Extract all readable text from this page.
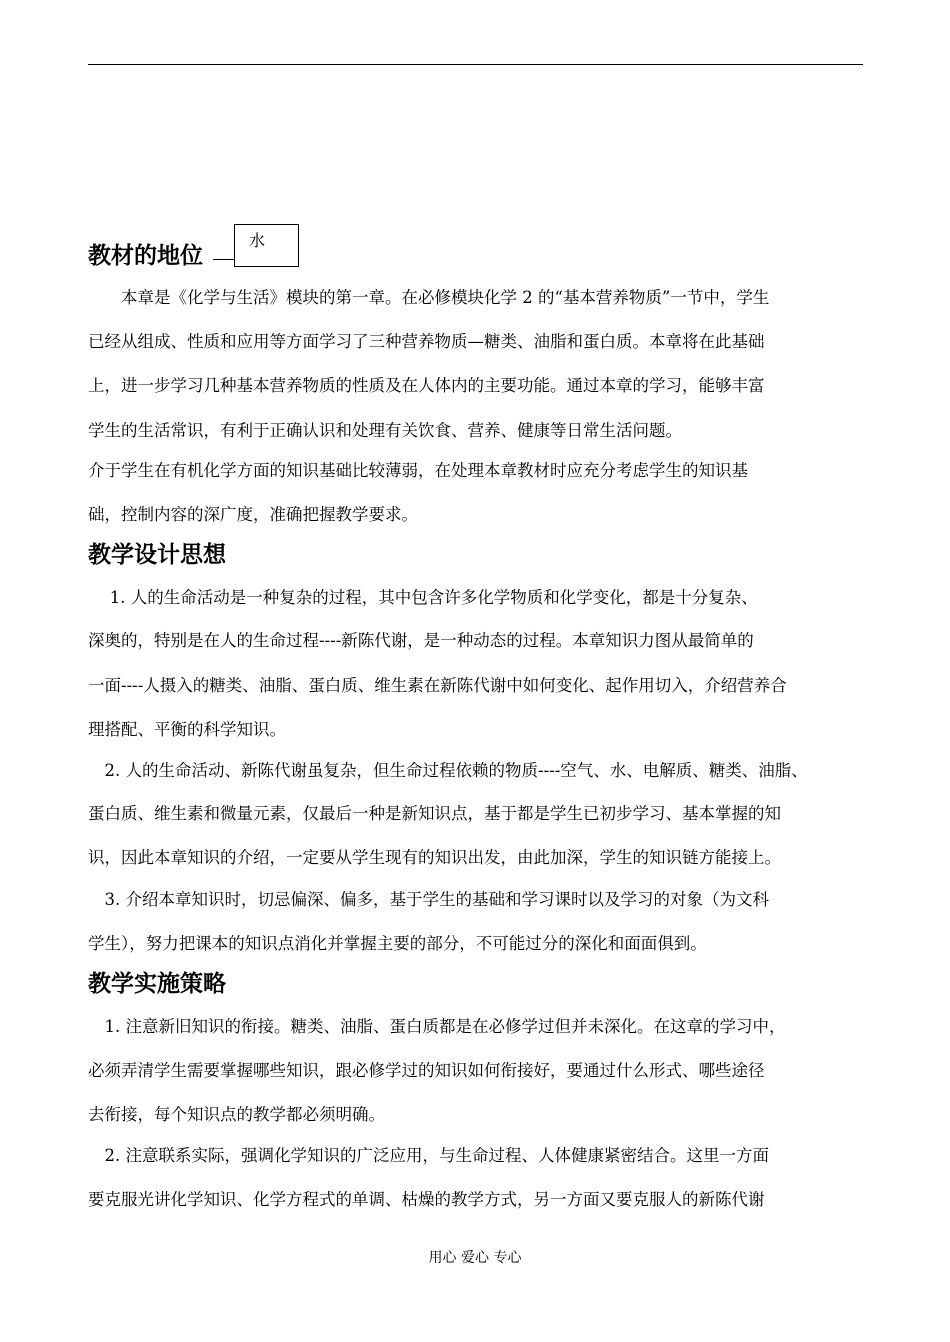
水
教材的地位
　　本章是《化学与生活》模块的第一章。在必修模块化学 2 的“基本营养物质”一节中，学生
已经从组成、性质和应用等方面学习了三种营养物质—糖类、油脂和蛋白质。本章将在此基础
上，进一步学习几种基本营养物质的性质及在人体内的主要功能。通过本章的学习，能够丰富
学生的生活常识，有利于正确认识和处理有关饮食、营养、健康等日常生活问题。
介于学生在有机化学方面的知识基础比较薄弱，在处理本章教材时应充分考虑学生的知识基
础，控制内容的深广度，准确把握教学要求。
教学设计思想
　 1. 人的生命活动是一种复杂的过程，其中包含许多化学物质和化学变化，都是十分复杂、
深奥的，特别是在人的生命过程----新陈代谢，是一种动态的过程。本章知识力图从最简单的
一面----人摄入的糖类、油脂、蛋白质、维生素在新陈代谢中如何变化、起作用切入，介绍营养合
理搭配、平衡的科学知识。
　2. 人的生命活动、新陈代谢虽复杂，但生命过程依赖的物质----空气、水、电解质、糖类、油脂、
蛋白质、维生素和微量元素，仅最后一种是新知识点，基于都是学生已初步学习、基本掌握的知
识，因此本章知识的介绍，一定要从学生现有的知识出发，由此加深，学生的知识链方能接上。
　3. 介绍本章知识时，切忌偏深、偏多，基于学生的基础和学习课时以及学习的对象（为文科
学生），努力把课本的知识点消化并掌握主要的部分，不可能过分的深化和面面俱到。
教学实施策略
　1. 注意新旧知识的衔接。糖类、油脂、蛋白质都是在必修学过但并未深化。在这章的学习中，
必须弄清学生需要掌握哪些知识，跟必修学过的知识如何衔接好，要通过什么形式、哪些途径
去衔接，每个知识点的教学都必须明确。
　2. 注意联系实际，强调化学知识的广泛应用，与生命过程、人体健康紧密结合。这里一方面
要克服光讲化学知识、化学方程式的单调、枯燥的教学方式，另一方面又要克服人的新陈代谢
用心 爱心 专心
